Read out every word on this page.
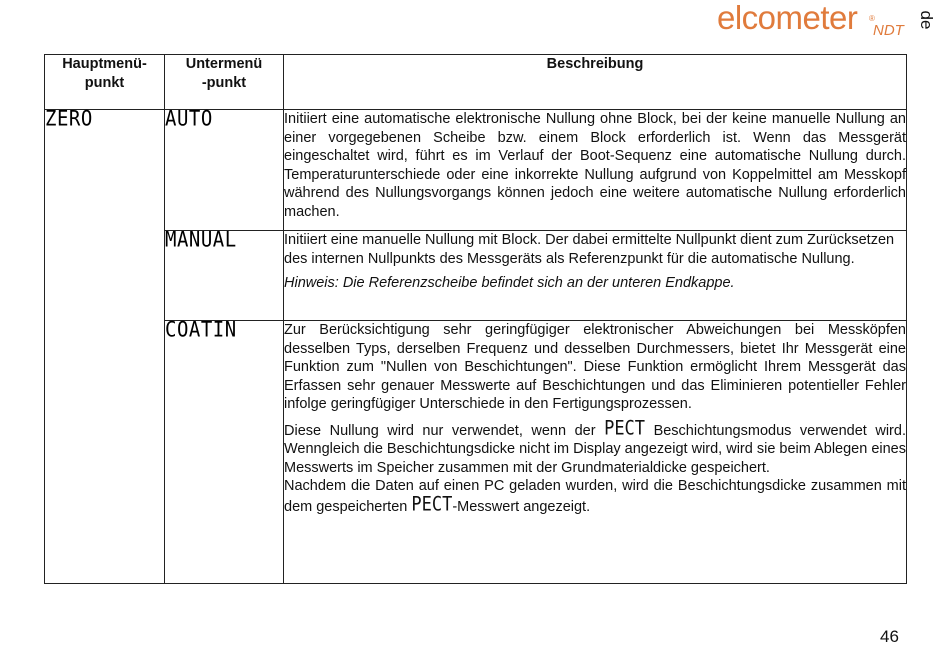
elcometer ®
NDT
de
Hauptmenü-
punkt	Untermenü
-punkt	Beschreibung
ZERO	AUTO	Initiiert eine automatische elektronische Nullung ohne Block, bei der keine manuelle Nullung an einer vorgegebenen Scheibe bzw. einem Block erforderlich ist. Wenn das Messgerät eingeschaltet wird, führt es im Verlauf der Boot-Sequenz eine automatische Nullung durch. Temperaturunterschiede oder eine inkorrekte Nullung aufgrund von Koppelmittel am Messkopf während des Nullungsvorgangs können jedoch eine weitere automatische Nullung erforderlich machen.

	MANUAL	Initiiert eine manuelle Nullung mit Block. Der dabei ermittelte Nullpunkt dient zum Zurücksetzen des internen Nullpunkts des Messgeräts als Referenzpunkt für die automatische Nullung.

Hinweis: Die Referenzscheibe befindet sich an der unteren Endkappe.

	COATIN	Zur Berücksichtigung sehr geringfügiger elektronischer Abweichungen bei Messköpfen desselben Typs, derselben Frequenz und desselben Durchmessers, bietet Ihr Messgerät eine Funktion zum "Nullen von Beschichtungen". Diese Funktion ermöglicht Ihrem Messgerät das Erfassen sehr genauer Messwerte auf Beschichtungen und das Eliminieren potentieller Fehler infolge geringfügiger Unterschiede in den Fertigungsprozessen.

Diese Nullung wird nur verwendet, wenn der PECT Beschichtungsmodus verwendet wird. Wenngleich die Beschichtungsdicke nicht im Display angezeigt wird, wird sie beim Ablegen eines Messwerts im Speicher zusammen mit der Grundmaterialdicke gespeichert.

Nachdem die Daten auf einen PC geladen wurden, wird die Beschichtungsdicke zusammen mit dem gespeicherten PECT-Messwert angezeigt.

46
